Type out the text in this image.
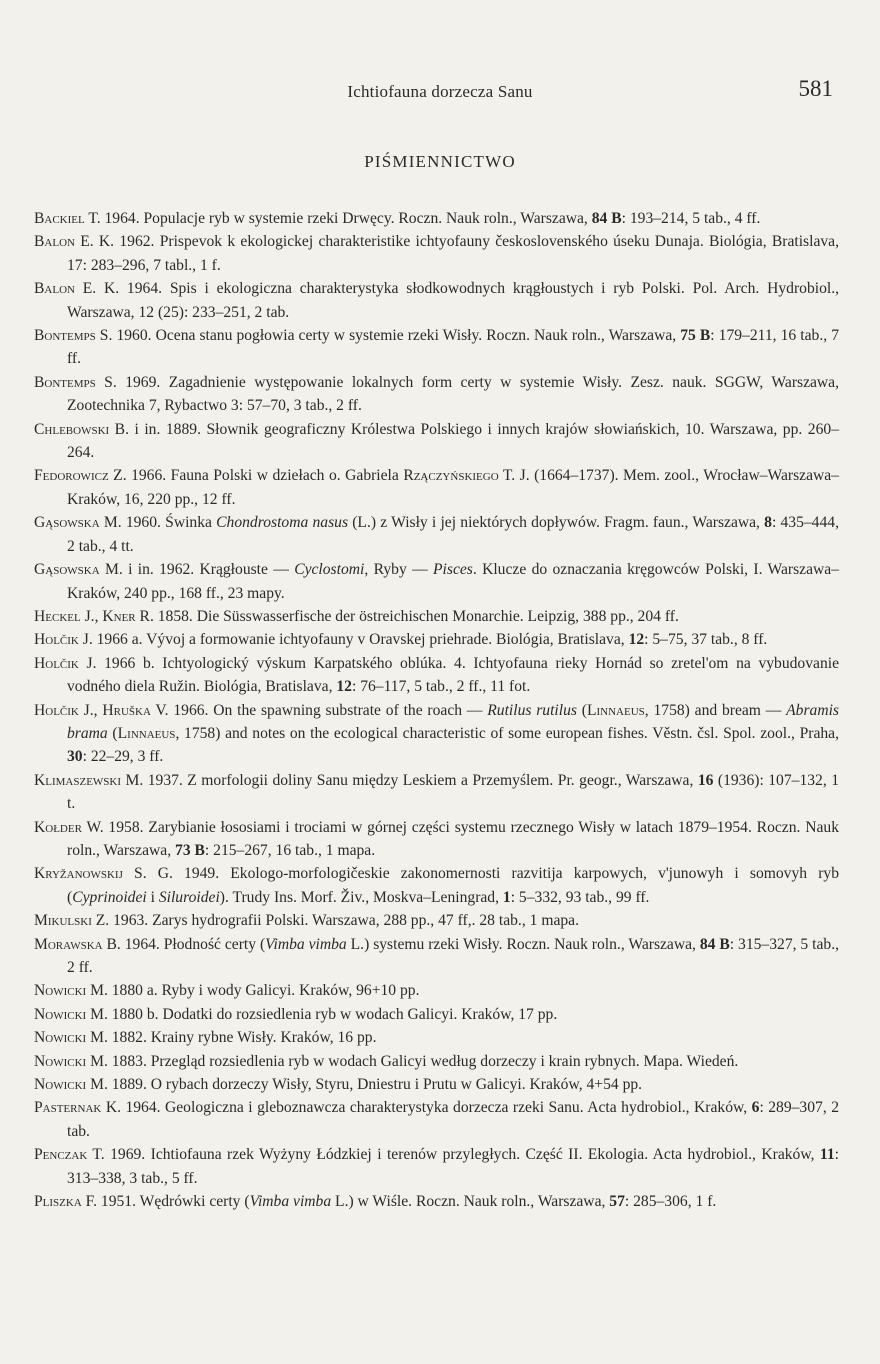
Ichtiofauna dorzecza Sanu	581
PIŚMIENNICTWO
Backiel T. 1964. Populacje ryb w systemie rzeki Drwęcy. Roczn. Nauk roln., Warszawa, 84 B: 193–214, 5 tab., 4 ff.
Balon E. K. 1962. Prispevok k ekologickej charakteristike ichtyofauny československého úseku Dunaja. Biológia, Bratislava, 17: 283–296, 7 tabl., 1 f.
Balon E. K. 1964. Spis i ekologiczna charakterystyka słodkowodnych krągłoustych i ryb Polski. Pol. Arch. Hydrobiol., Warszawa, 12 (25): 233–251, 2 tab.
Bontemps S. 1960. Ocena stanu pogłowia certy w systemie rzeki Wisły. Roczn. Nauk roln., Warszawa, 75 B: 179–211, 16 tab., 7 ff.
Bontemps S. 1969. Zagadnienie występowanie lokalnych form certy w systemie Wisły. Zesz. nauk. SGGW, Warszawa, Zootechnika 7, Rybactwo 3: 57–70, 3 tab., 2 ff.
Chlebowski B. i in. 1889. Słownik geograficzny Królestwa Polskiego i innych krajów słowiańskich, 10. Warszawa, pp. 260–264.
Fedorowicz Z. 1966. Fauna Polski w dziełach o. Gabriela Rzączyńskiego T. J. (1664–1737). Mem. zool., Wrocław–Warszawa–Kraków, 16, 220 pp., 12 ff.
Gąsowska M. 1960. Świnka Chondrostoma nasus (L.) z Wisły i jej niektórych dopływów. Fragm. faun., Warszawa, 8: 435–444, 2 tab., 4 tt.
Gąsowska M. i in. 1962. Krągłouste — Cyclostomi, Ryby — Pisces. Klucze do oznaczania kręgowców Polski, I. Warszawa–Kraków, 240 pp., 168 ff., 23 mapy.
Heckel J., Kner R. 1858. Die Süsswasserfische der östreichischen Monarchie. Leipzig, 388 pp., 204 ff.
Holčik J. 1966 a. Vývoj a formowanie ichtyofauny v Oravskej priehrade. Biológia, Bratislava, 12: 5–75, 37 tab., 8 ff.
Holčik J. 1966 b. Ichtyologický výskum Karpatského oblúka. 4. Ichtyofauna rieky Hornád so zretel'om na vybudovanie vodného diela Ružin. Biológia, Bratislava, 12: 76–117, 5 tab., 2 ff., 11 fot.
Holčik J., Hruška V. 1966. On the spawning substrate of the roach — Rutilus rutilus (Linnaeus, 1758) and bream — Abramis brama (Linnaeus, 1758) and notes on the ecological characteristic of some european fishes. Věstn. čsl. Spol. zool., Praha, 30: 22–29, 3 ff.
Klimaszewski M. 1937. Z morfologii doliny Sanu między Leskiem a Przemyślem. Pr. geogr., Warszawa, 16 (1936): 107–132, 1 t.
Kołder W. 1958. Zarybianie łososiami i trociami w górnej części systemu rzecznego Wisły w latach 1879–1954. Roczn. Nauk roln., Warszawa, 73 B: 215–267, 16 tab., 1 mapa.
Kryžanowskij S. G. 1949. Ekologo-morfologičeskie zakonomernosti razvitija karpowych, v'junowyh i somovyh ryb (Cyprinoidei i Siluroidei). Trudy Ins. Morf. Živ., Moskva–Leningrad, 1: 5–332, 93 tab., 99 ff.
Mikulski Z. 1963. Zarys hydrografii Polski. Warszawa, 288 pp., 47 ff,. 28 tab., 1 mapa.
Morawska B. 1964. Płodność certy (Vimba vimba L.) systemu rzeki Wisły. Roczn. Nauk roln., Warszawa, 84 B: 315–327, 5 tab., 2 ff.
Nowicki M. 1880 a. Ryby i wody Galicyi. Kraków, 96+10 pp.
Nowicki M. 1880 b. Dodatki do rozsiedlenia ryb w wodach Galicyi. Kraków, 17 pp.
Nowicki M. 1882. Krainy rybne Wisły. Kraków, 16 pp.
Nowicki M. 1883. Przegląd rozsiedlenia ryb w wodach Galicyi według dorzeczy i krain rybnych. Mapa. Wiedeń.
Nowicki M. 1889. O rybach dorzeczy Wisły, Styru, Dniestru i Prutu w Galicyi. Kraków, 4+54 pp.
Pasternak K. 1964. Geologiczna i gleboznawcza charakterystyka dorzecza rzeki Sanu. Acta hydrobiol., Kraków, 6: 289–307, 2 tab.
Penczak T. 1969. Ichtiofauna rzek Wyżyny Łódzkiej i terenów przyległych. Część II. Ekologia. Acta hydrobiol., Kraków, 11: 313–338, 3 tab., 5 ff.
Pliszka F. 1951. Wędrówki certy (Vimba vimba L.) w Wiśle. Roczn. Nauk roln., Warszawa, 57: 285–306, 1 f.
